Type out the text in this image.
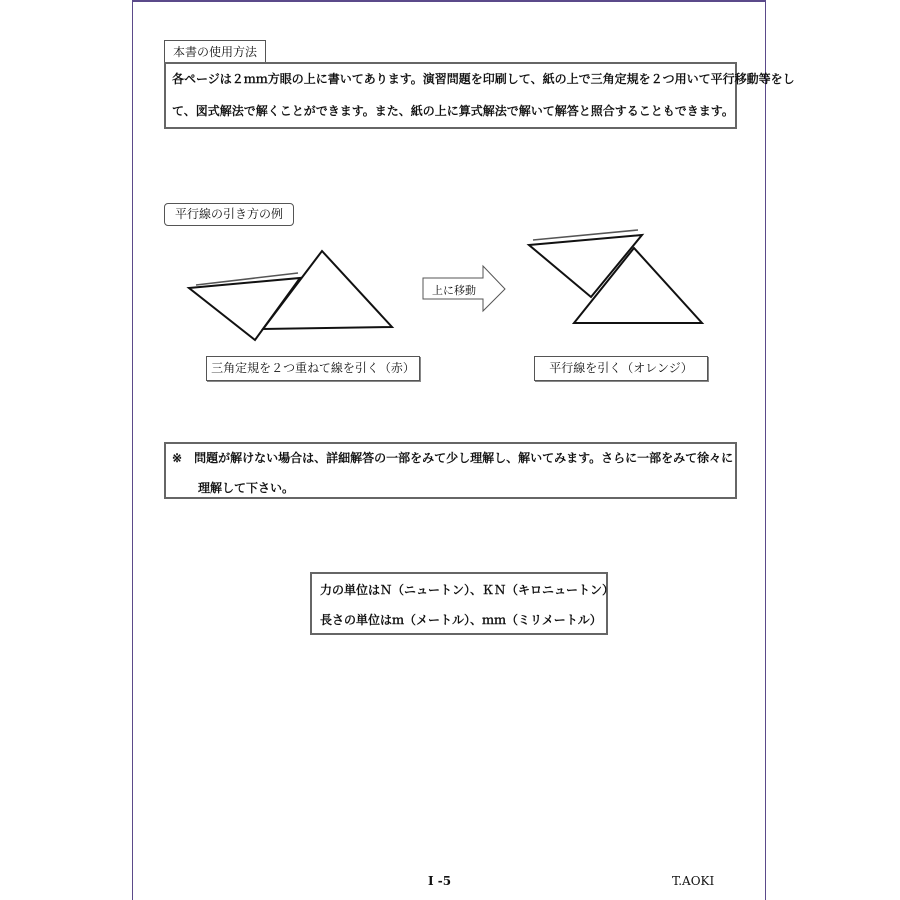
本書の使用方法

各ページは２ｍｍ方眼の上に書いてあります。演習問題を印刷して、紙の上で三角定規を２つ用いて平行移動等をし

て、図式解法で解くことができます。また、紙の上に算式解法で解いて解答と照合することもできます。

平行線の引き方の例
上に移動
三角定規を２つ重ねて線を引く（赤）	平行線を引く（オレンジ）

※ 問題が解けない場合は、詳細解答の一部をみて少し理解し、解いてみます。さらに一部をみて徐々に

理解して下さい。

力の単位はＮ（ニュートン）、ＫＮ（キロニュートン）

長さの単位はｍ（メートル）、ｍｍ（ミリメートル）

I -5	T.AOKI
